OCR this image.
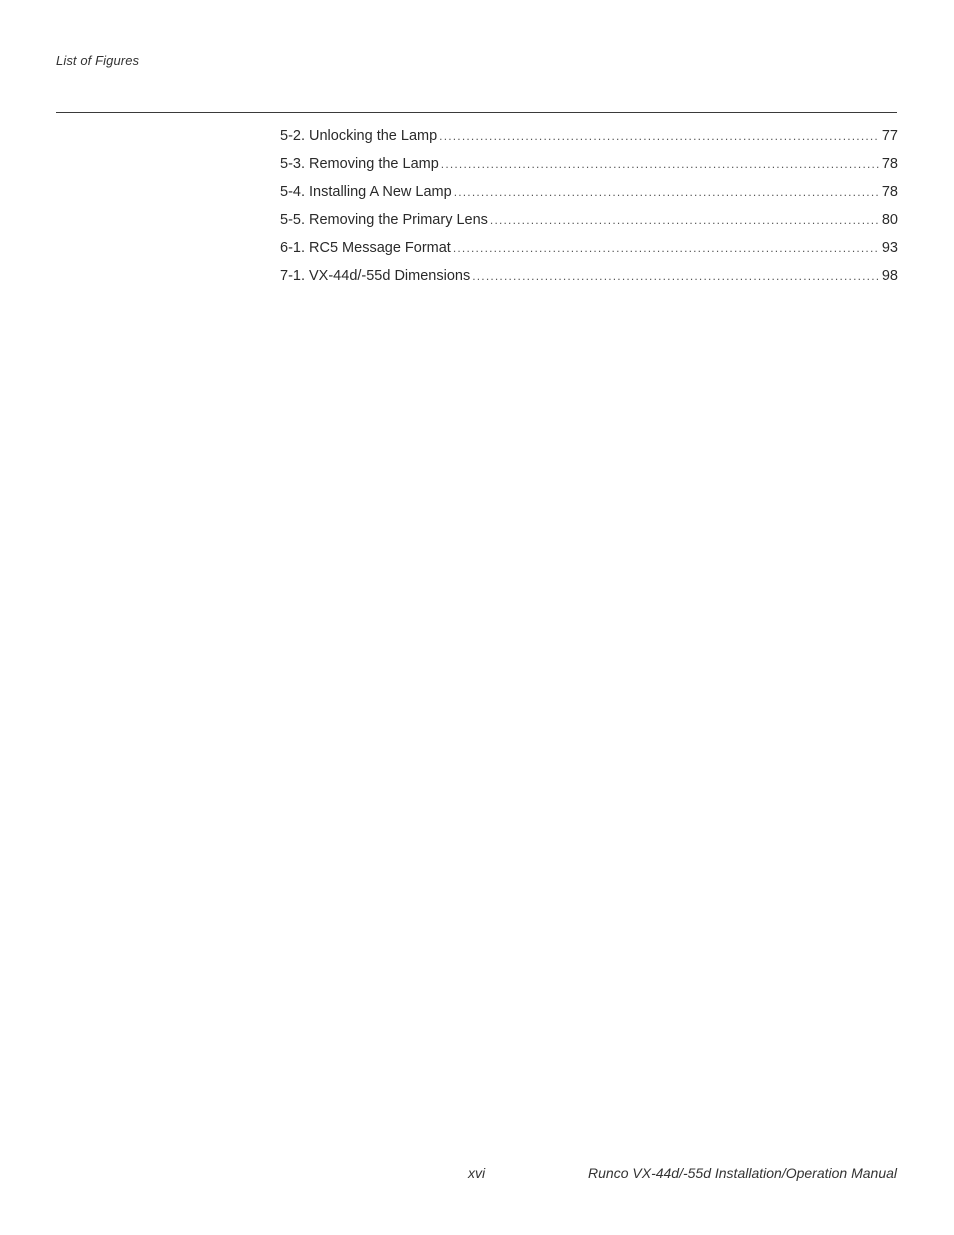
List of Figures
5-2. Unlocking the Lamp .....	77
5-3. Removing the Lamp .....	78
5-4. Installing A New Lamp .....	78
5-5. Removing the Primary Lens .....	80
6-1. RC5 Message Format .....	93
7-1. VX-44d/-55d Dimensions .....	98
xvi	Runco VX-44d/-55d Installation/Operation Manual
